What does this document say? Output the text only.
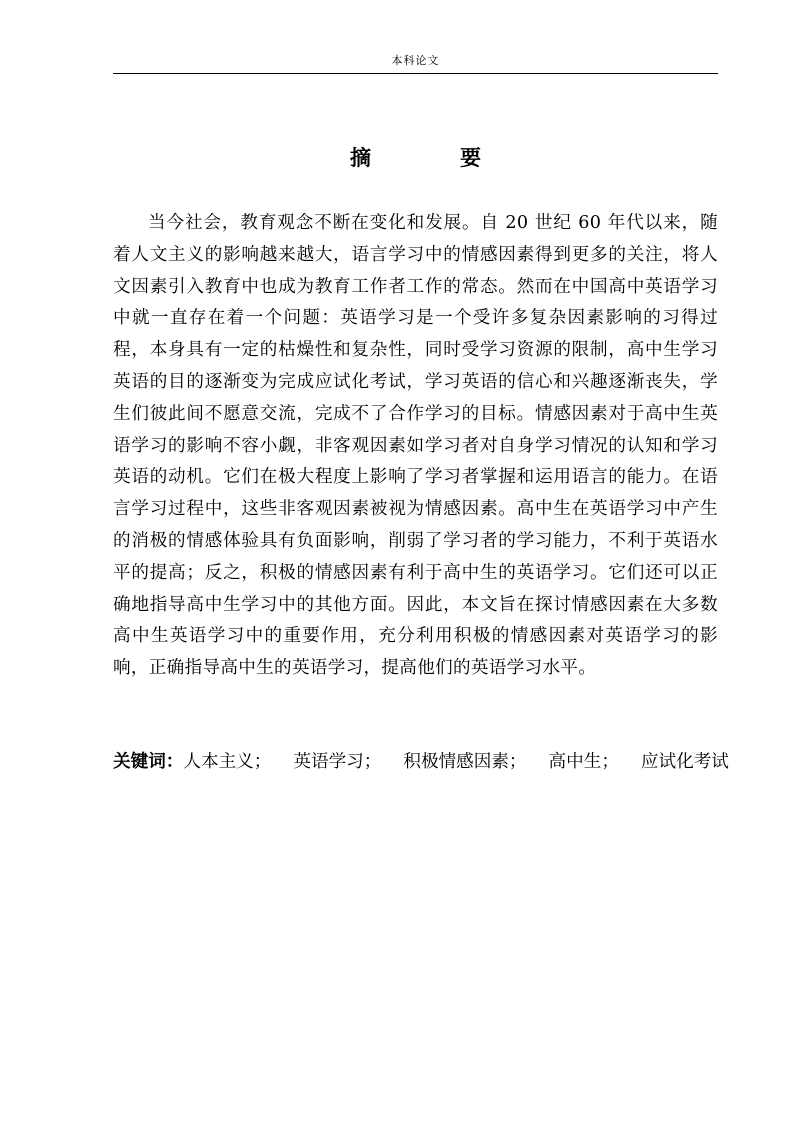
本科论文
摘　要

当今社会，教育观念不断在变化和发展。自 20 世纪 60 年代以来，随着人文主义的影响越来越大，语言学习中的情感因素得到更多的关注，将人文因素引入教育中也成为教育工作者工作的常态。然而在中国高中英语学习中就一直存在着一个问题：英语学习是一个受许多复杂因素影响的习得过程，本身具有一定的枯燥性和复杂性，同时受学习资源的限制，高中生学习英语的目的逐渐变为完成应试化考试，学习英语的信心和兴趣逐渐丧失，学生们彼此间不愿意交流，完成不了合作学习的目标。情感因素对于高中生英语学习的影响不容小觑，非客观因素如学习者对自身学习情况的认知和学习英语的动机。它们在极大程度上影响了学习者掌握和运用语言的能力。在语言学习过程中，这些非客观因素被视为情感因素。高中生在英语学习中产生的消极的情感体验具有负面影响，削弱了学习者的学习能力，不利于英语水平的提高；反之，积极的情感因素有利于高中生的英语学习。它们还可以正确地指导高中生学习中的其他方面。因此，本文旨在探讨情感因素在大多数高中生英语学习中的重要作用，充分利用积极的情感因素对英语学习的影响，正确指导高中生的英语学习，提高他们的英语学习水平。

关键词：人本主义； 英语学习； 积极情感因素； 高中生； 应试化考试
